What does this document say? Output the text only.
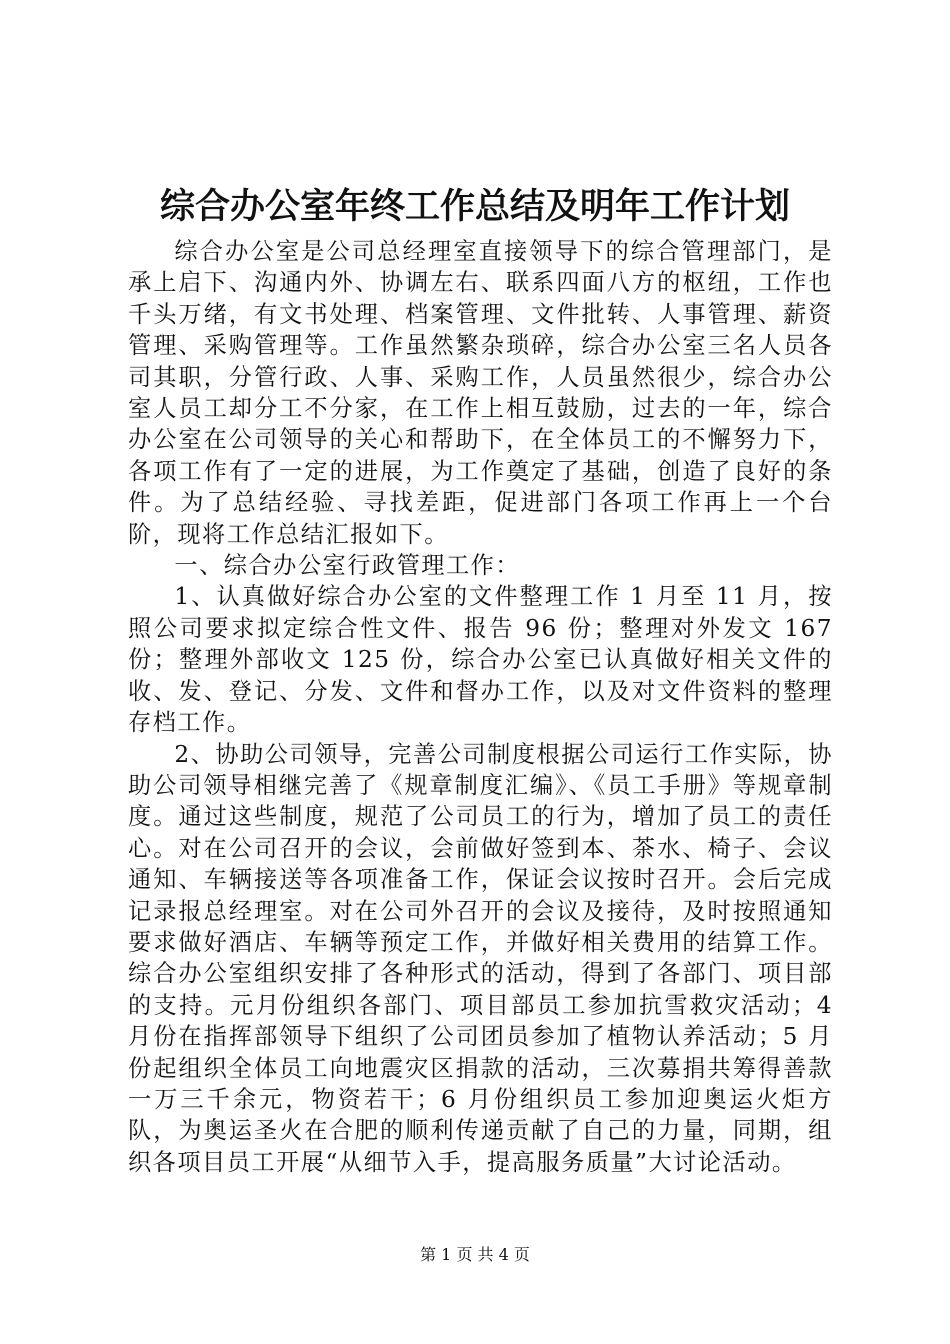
综合办公室年终工作总结及明年工作计划

综合办公室是公司总经理室直接领导下的综合管理部门，是承上启下、沟通内外、协调左右、联系四面八方的枢纽，工作也千头万绪，有文书处理、档案管理、文件批转、人事管理、薪资管理、采购管理等。工作虽然繁杂琐碎，综合办公室三名人员各司其职，分管行政、人事、采购工作，人员虽然很少，综合办公室人员工却分工不分家，在工作上相互鼓励，过去的一年，综合办公室在公司领导的关心和帮助下，在全体员工的不懈努力下，各项工作有了一定的进展，为工作奠定了基础，创造了良好的条件。为了总结经验、寻找差距，促进部门各项工作再上一个台阶，现将工作总结汇报如下。

一、综合办公室行政管理工作：

1、认真做好综合办公室的文件整理工作 1 月至 11 月，按照公司要求拟定综合性文件、报告 96 份；整理对外发文 167 份；整理外部收文 125 份，综合办公室已认真做好相关文件的收、发、登记、分发、文件和督办工作，以及对文件资料的整理存档工作。

2、协助公司领导，完善公司制度根据公司运行工作实际，协助公司领导相继完善了《规章制度汇编》、《员工手册》等规章制度。通过这些制度，规范了公司员工的行为，增加了员工的责任心。对在公司召开的会议，会前做好签到本、茶水、椅子、会议通知、车辆接送等各项准备工作，保证会议按时召开。会后完成记录报总经理室。对在公司外召开的会议及接待，及时按照通知要求做好酒店、车辆等预定工作，并做好相关费用的结算工作。综合办公室组织安排了各种形式的活动，得到了各部门、项目部的支持。元月份组织各部门、项目部员工参加抗雪救灾活动；4 月份在指挥部领导下组织了公司团员参加了植物认养活动；5 月份起组织全体员工向地震灾区捐款的活动，三次募捐共筹得善款一万三千余元，物资若干；6 月份组织员工参加迎奥运火炬方队，为奥运圣火在合肥的顺利传递贡献了自己的力量，同期，组织各项目员工开展“从细节入手，提高服务质量”大讨论活动。

第 1 页 共 4 页
